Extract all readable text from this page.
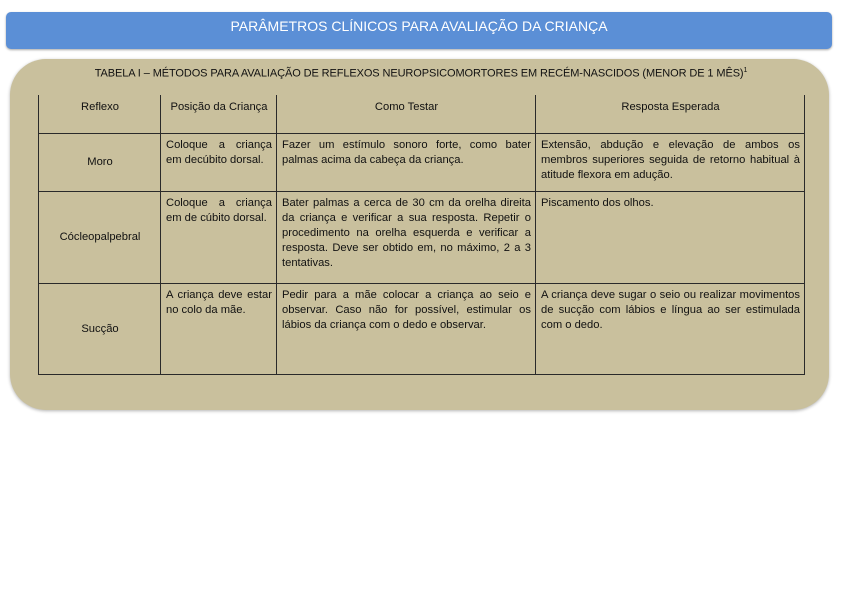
PARÂMETROS CLÍNICOS PARA AVALIAÇÃO DA CRIANÇA
TABELA I – MÉTODOS PARA AVALIAÇÃO DE REFLEXOS NEUROPSICOMORTORES EM RECÉM-NASCIDOS (MENOR DE 1 MÊS)$^1$
Reflexo	Posição da Criança	Como Testar	Resposta Esperada
Moro	Coloque a criança em decúbito dorsal.	Fazer um estímulo sonoro forte, como bater palmas acima da cabeça da criança.	Extensão, abdução e elevação de ambos os membros superiores seguida de retorno habitual à atitude flexora em adução.
Cócleopalpebral	Coloque a criança em de cúbito dorsal.	Bater palmas a cerca de 30 cm da orelha direita da criança e verificar a sua resposta. Repetir o procedimento na orelha esquerda e verificar a resposta. Deve ser obtido em, no máximo, 2 a 3 tentativas.	Piscamento dos olhos.
Sucção	A criança deve estar no colo da mãe.	Pedir para a mãe colocar a criança ao seio e observar. Caso não for possível, estimular os lábios da criança com o dedo e observar.	A criança deve sugar o seio ou realizar movimentos de sucção com lábios e língua ao ser estimulada com o dedo.
